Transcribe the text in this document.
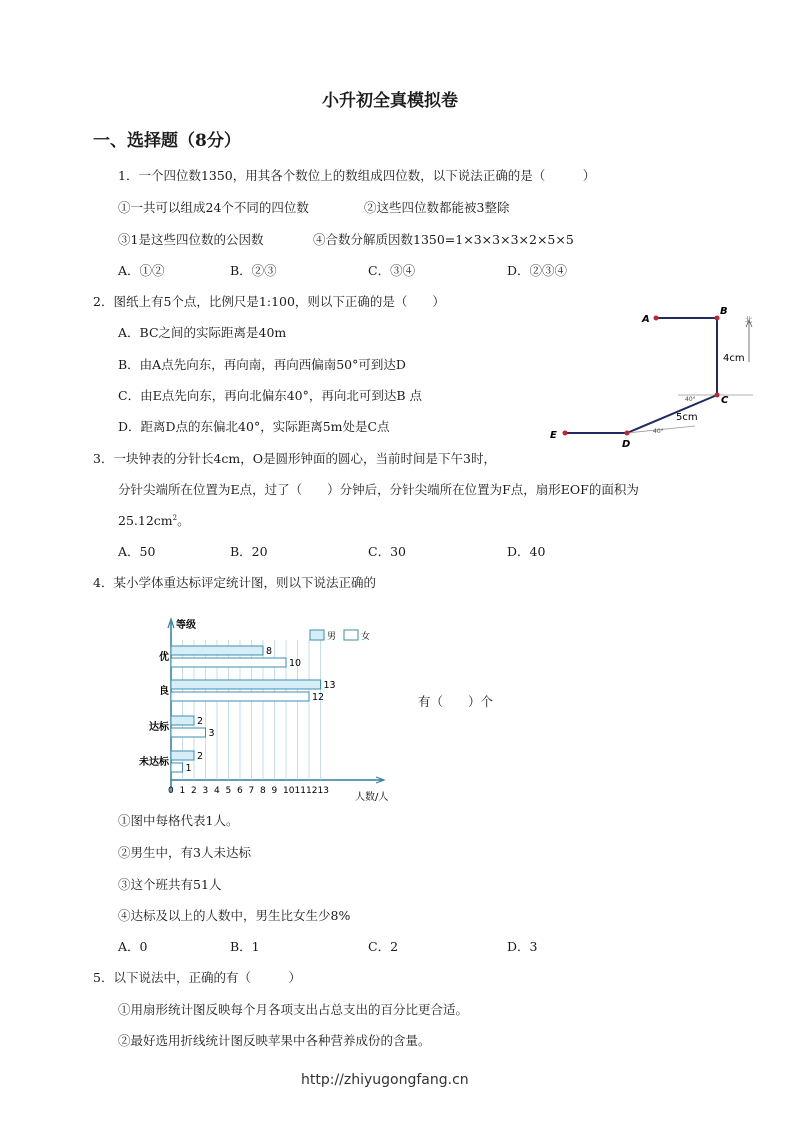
小升初全真模拟卷
一、选择题（8分）
1．一个四位数1350，用其各个数位上的数组成四位数，以下说法正确的是（　　　）
①一共可以组成24个不同的四位数	②这些四位数都能被3整除
③1是这些四位数的公因数	④合数分解质因数1350=1×3×3×3×2×5×5
A．①②	B．②③	C．③④	D．②③④
2．图纸上有5个点，比例尺是1:100，则以下正确的是（　　）
A．BC之间的实际距离是40m
B．由A点先向东，再向南，再向西偏南50°可到达D
C．由E点先向东，再向北偏东40°，再向北可到达B 点
D．距离D点的东偏北40°，实际距离5m处是C点
北
A
B
C
D
E
4cm
5cm
40°
40°
3．一块钟表的分针长4cm，O是圆形钟面的圆心，当前时间是下午3时，
分针尖端所在位置为E点，过了（　　）分钟后，分针尖端所在位置为F点，扇形EOF的面积为
$25.12cm^2$。
A．50	B．20	C．30	D．40
4．某小学体重达标评定统计图，则以下说法正确的
等级
人数/人
0 1 2 3 4 5 6 7 8 9 10 11 12 13
优
8
10
良
13
12
达标
2
3
未达标
2
1
男	女
有（　　）个
①图中每格代表1人。
②男生中，有3人未达标
③这个班共有51人
④达标及以上的人数中，男生比女生少8%
A．0	B．1	C．2	D．3
5．以下说法中，正确的有（　　　）
①用扇形统计图反映每个月各项支出占总支出的百分比更合适。
②最好选用折线统计图反映苹果中各种营养成份的含量。
http://zhiyugongfang.cn
